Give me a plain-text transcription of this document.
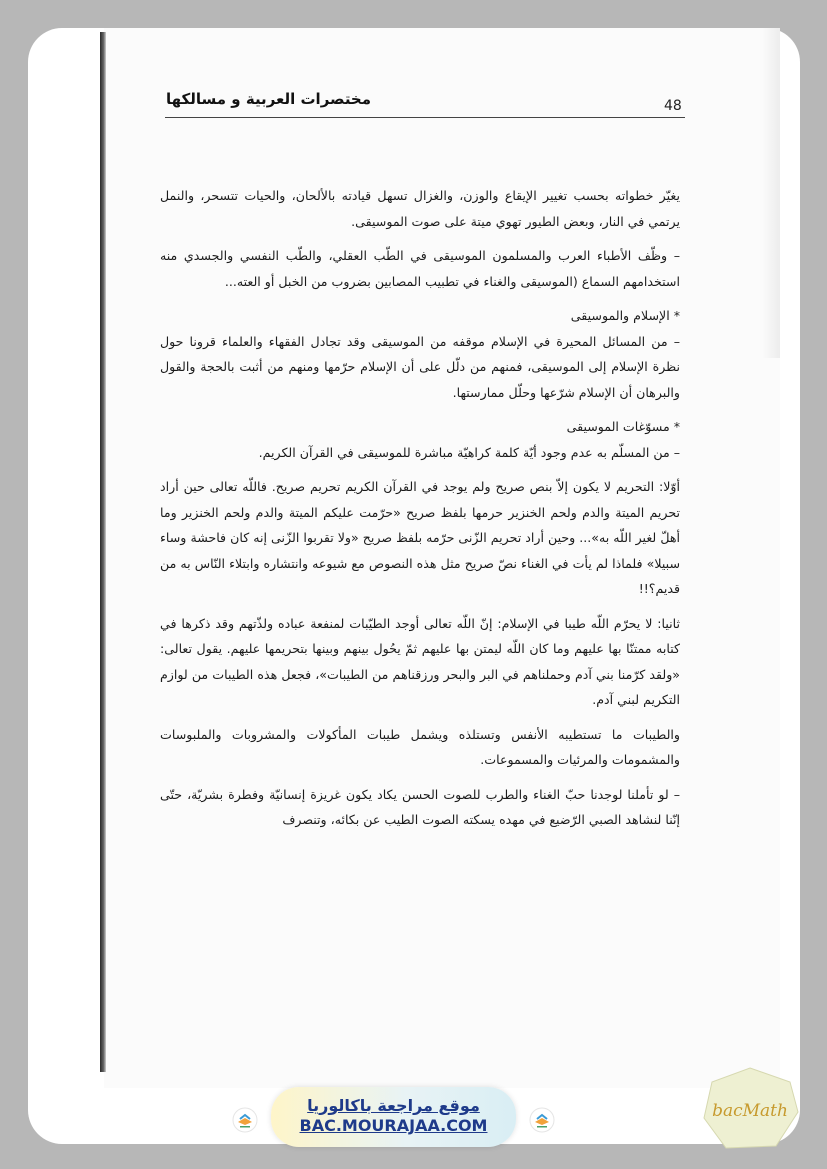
مختصرات العربية و مسالكها	48

يغيّر خطواته بحسب تغيير الإيقاع والوزن، والغزال تسهل قيادته بالألحان، والحيات تتسحر، والنمل يرتمي في النار، وبعض الطيور تهوي ميتة على صوت الموسيقى.

– وظّف الأطباء العرب والمسلمون الموسيقى في الطّب العقلي، والطّب النفسي والجسدي منه استخدامهم السماع (الموسيقى والغناء في تطبيب المصابين بضروب من الخبل أو العته...

* الإسلام والموسيقى

– من المسائل المحيرة في الإسلام موقفه من الموسيقى وقد تجادل الفقهاء والعلماء قرونا حول نظرة الإسلام إلى الموسيقى، فمنهم من دلّل على أن الإسلام حرّمها ومنهم من أثبت بالحجة والقول والبرهان أن الإسلام شرّعها وحلّل ممارستها.

* مسوّغات الموسيقى

– من المسلّم به عدم وجود أيّة كلمة كراهيّة مباشرة للموسيقى في القرآن الكريم.

أوّلا: التحريم لا يكون إلاّ بنص صريح ولم يوجد في القرآن الكريم تحريم صريح. فاللّه تعالى حين أراد تحريم الميتة والدم ولحم الخنزير حرمها بلفظ صريح «حرّمت عليكم الميتة والدم ولحم الخنزير وما أهلّ لغير اللّه به»... وحين أراد تحريم الزّنى حرّمه بلفظ صريح «ولا تقربوا الزّنى إنه كان فاحشة وساء سبيلا» فلماذا لم يأت في الغناء نصّ صريح مثل هذه النصوص مع شيوعه وانتشاره وابتلاء النّاس به من قديم؟!!

ثانيا: لا يحرّم اللّه طيبا في الإسلام: إنّ اللّه تعالى أوجد الطيّبات لمنفعة عباده ولذّتهم وقد ذكرها في كتابه ممتنّا بها عليهم وما كان اللّه ليمتن بها عليهم ثمّ يحُول بينهم وبينها بتحريمها عليهم. يقول تعالى: «ولقد كرّمنا بني آدم وحملناهم في البر والبحر ورزقناهم من الطيبات»، فجعل هذه الطيبات من لوازم التكريم لبني آدم.

والطيبات ما تستطيبه الأنفس وتستلذه ويشمل طيبات المأكولات والمشروبات والملبوسات والمشمومات والمرئيات والمسموعات.

– لو تأملنا لوجدنا حبّ الغناء والطرب للصوت الحسن يكاد يكون غريزة إنسانيّة وفطرة بشريّة، حتّى إنّنا لنشاهد الصبي الرّضيع في مهده يسكته الصوت الطيب عن بكائه، وتنصرف

موقع مراجعة باكالوريا
BAC.MOURAJAA.COM
bacMath
